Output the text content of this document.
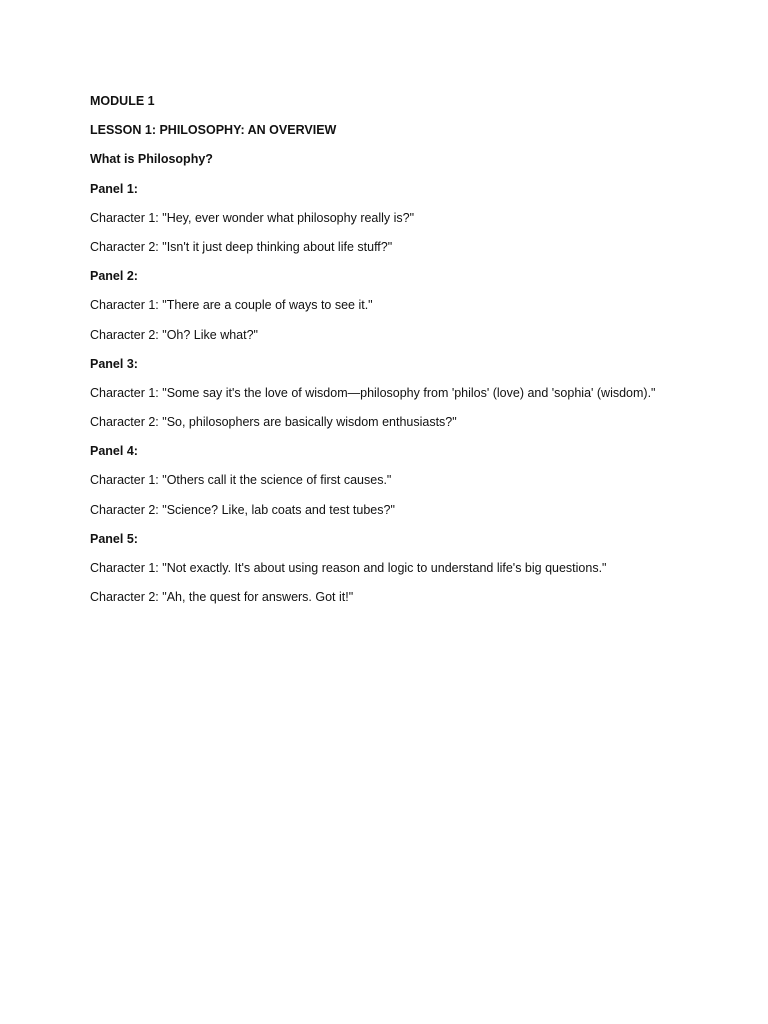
MODULE 1
LESSON 1: PHILOSOPHY: AN OVERVIEW
What is Philosophy?
Panel 1:
Character 1: "Hey, ever wonder what philosophy really is?"
Character 2: "Isn't it just deep thinking about life stuff?"
Panel 2:
Character 1: "There are a couple of ways to see it."
Character 2: "Oh? Like what?"
Panel 3:
Character 1: "Some say it's the love of wisdom—philosophy from 'philos' (love) and 'sophia' (wisdom)."
Character 2: "So, philosophers are basically wisdom enthusiasts?"
Panel 4:
Character 1: "Others call it the science of first causes."
Character 2: "Science? Like, lab coats and test tubes?"
Panel 5:
Character 1: "Not exactly. It's about using reason and logic to understand life's big questions."
Character 2: "Ah, the quest for answers. Got it!"
